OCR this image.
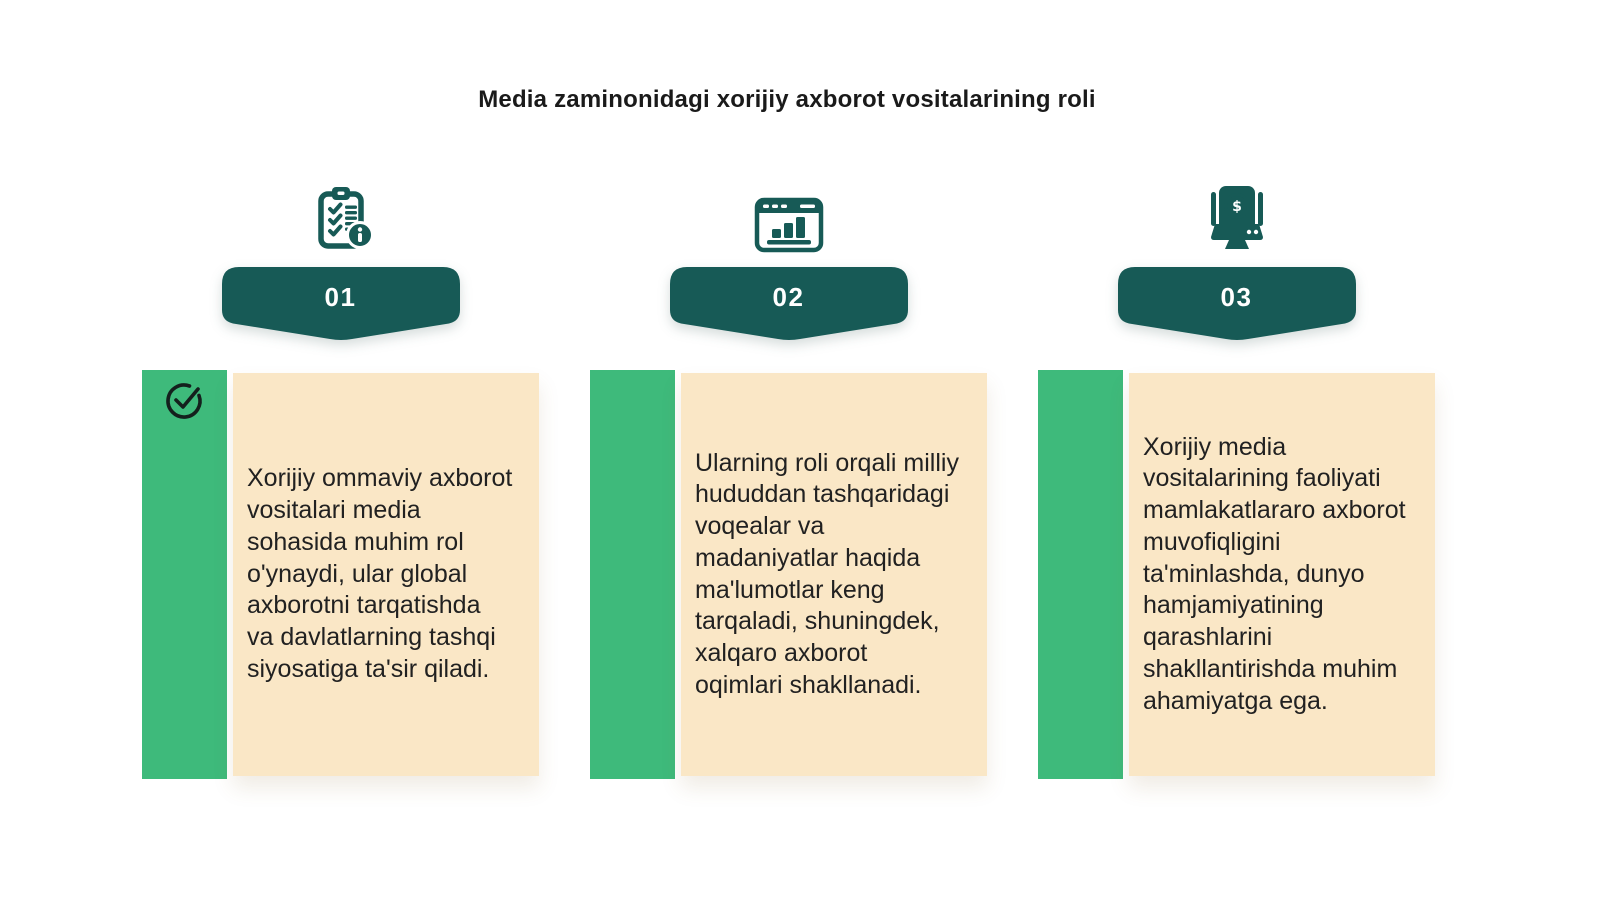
Media zaminonidagi xorijiy axborot vositalarining roli
01
Xorijiy ommaviy axborot vositalari media sohasida muhim rol o'ynaydi, ular global axborotni tarqatishda va davlatlarning tashqi siyosatiga ta'sir qiladi.
02
Ularning roli orqali milliy hududdan tashqaridagi voqealar va madaniyatlar haqida ma'lumotlar keng tarqaladi, shuningdek, xalqaro axborot oqimlari shakllanadi.
$
03
Xorijiy media vositalarining faoliyati mamlakatlararo axborot muvofiqligini ta'minlashda, dunyo hamjamiyatining qarashlarini shakllantirishda muhim ahamiyatga ega.
